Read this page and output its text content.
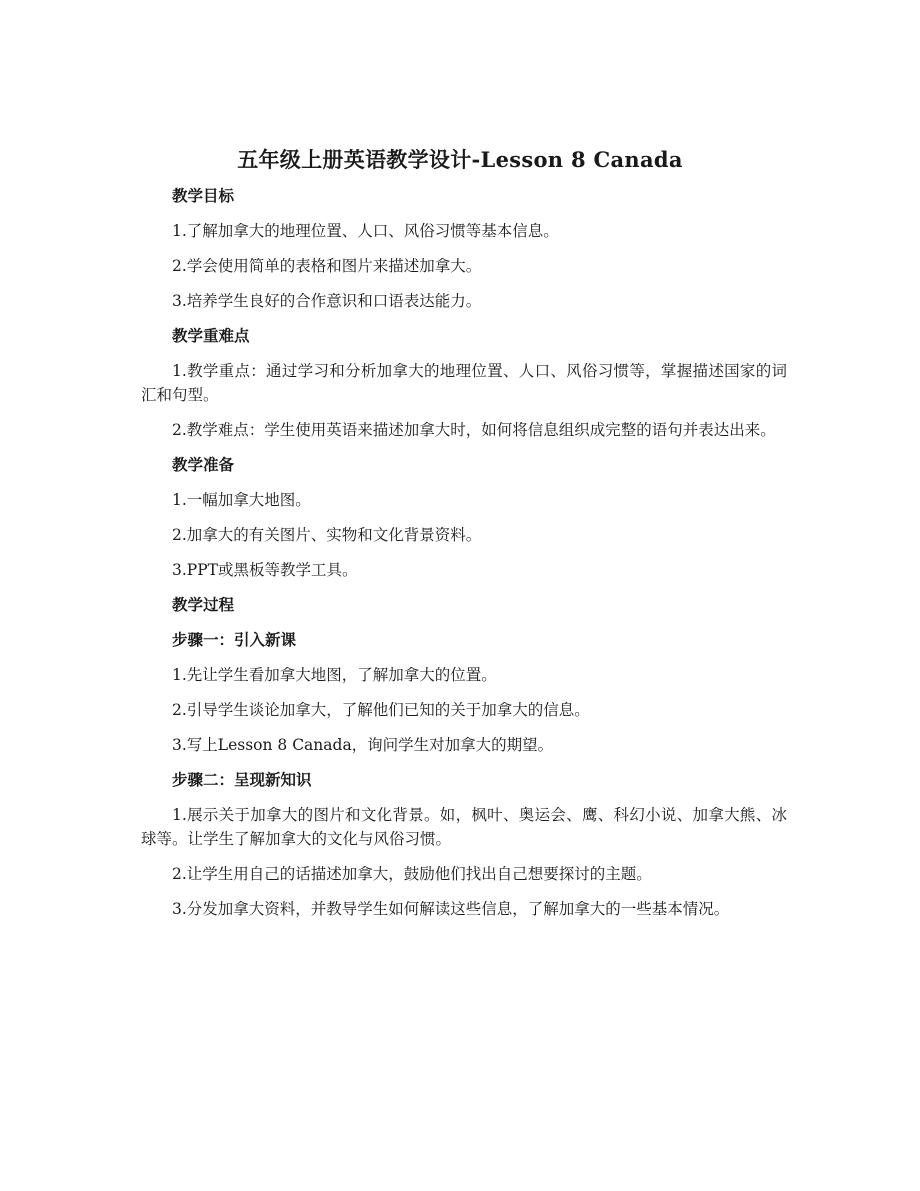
五年级上册英语教学设计-Lesson 8 Canada

教学目标

1.了解加拿大的地理位置、人口、风俗习惯等基本信息。

2.学会使用简单的表格和图片来描述加拿大。

3.培养学生良好的合作意识和口语表达能力。

教学重难点

1.教学重点：通过学习和分析加拿大的地理位置、人口、风俗习惯等，掌握描述国家的词汇和句型。

2.教学难点：学生使用英语来描述加拿大时，如何将信息组织成完整的语句并表达出来。

教学准备

1.一幅加拿大地图。

2.加拿大的有关图片、实物和文化背景资料。

3.PPT或黑板等教学工具。

教学过程

步骤一：引入新课

1.先让学生看加拿大地图，了解加拿大的位置。

2.引导学生谈论加拿大，了解他们已知的关于加拿大的信息。

3.写上Lesson 8 Canada，询问学生对加拿大的期望。

步骤二：呈现新知识

1.展示关于加拿大的图片和文化背景。如，枫叶、奥运会、鹰、科幻小说、加拿大熊、冰球等。让学生了解加拿大的文化与风俗习惯。

2.让学生用自己的话描述加拿大，鼓励他们找出自己想要探讨的主题。

3.分发加拿大资料，并教导学生如何解读这些信息，了解加拿大的一些基本情况。
